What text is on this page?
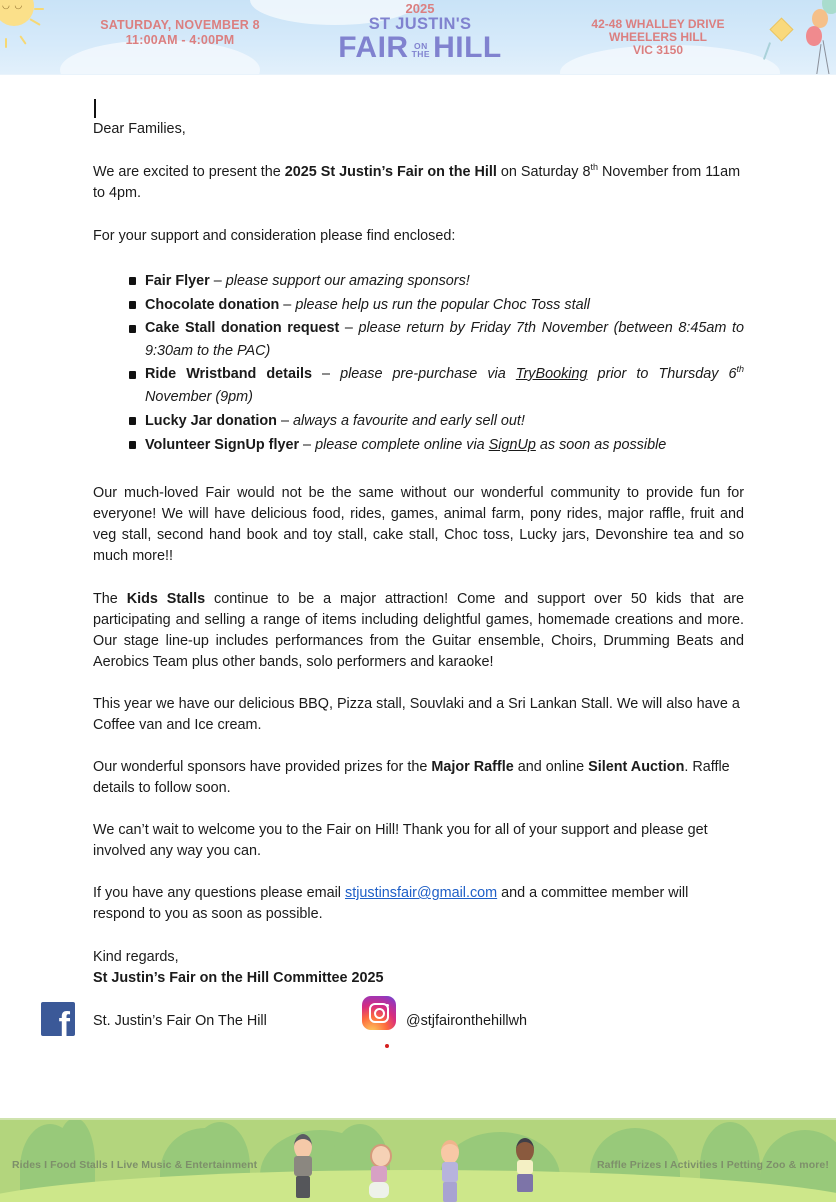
◡ ◡
SATURDAY, NOVEMBER 8
11:00AM - 4:00PM
2025
ST JUSTIN'S
FAIR ON
THE HILL
42-48 WHALLEY DRIVE
WHEELERS HILL
VIC 3150

Dear Families,

We are excited to present the 2025 St Justin’s Fair on the Hill on Saturday 8th November from 11am to 4pm.

For your support and consideration please find enclosed:

Fair Flyer – please support our amazing sponsors!
Chocolate donation – please help us run the popular Choc Toss stall
Cake Stall donation request – please return by Friday 7th November (between 8:45am to 9:30am to the PAC)
Ride Wristband details – please pre-purchase via TryBooking prior to Thursday 6th November (9pm)
Lucky Jar donation – always a favourite and early sell out!
Volunteer SignUp flyer – please complete online via SignUp as soon as possible

Our much-loved Fair would not be the same without our wonderful community to provide fun for everyone! We will have delicious food, rides, games, animal farm, pony rides, major raffle, fruit and veg stall, second hand book and toy stall, cake stall, Choc toss, Lucky jars, Devonshire tea and so much more!!

The Kids Stalls continue to be a major attraction! Come and support over 50 kids that are participating and selling a range of items including delightful games, homemade creations and more. Our stage line-up includes performances from the Guitar ensemble, Choirs, Drumming Beats and Aerobics Team plus other bands, solo performers and karaoke!

This year we have our delicious BBQ, Pizza stall, Souvlaki and a Sri Lankan Stall. We will also have a Coffee van and Ice cream.

Our wonderful sponsors have provided prizes for the Major Raffle and online Silent Auction. Raffle details to follow soon.

We can’t wait to welcome you to the Fair on Hill! Thank you for all of your support and please get involved any way you can.

If you have any questions please email stjustinsfair@gmail.com and a committee member will respond to you as soon as possible.

Kind regards,

St Justin’s Fair on the Hill Committee 2025

f St. Justin’s Fair On The Hill	@stjfaironthehillwh
Rides I Food Stalls I Live Music & Entertainment	Raffle Prizes I Activities I Petting Zoo & more!
